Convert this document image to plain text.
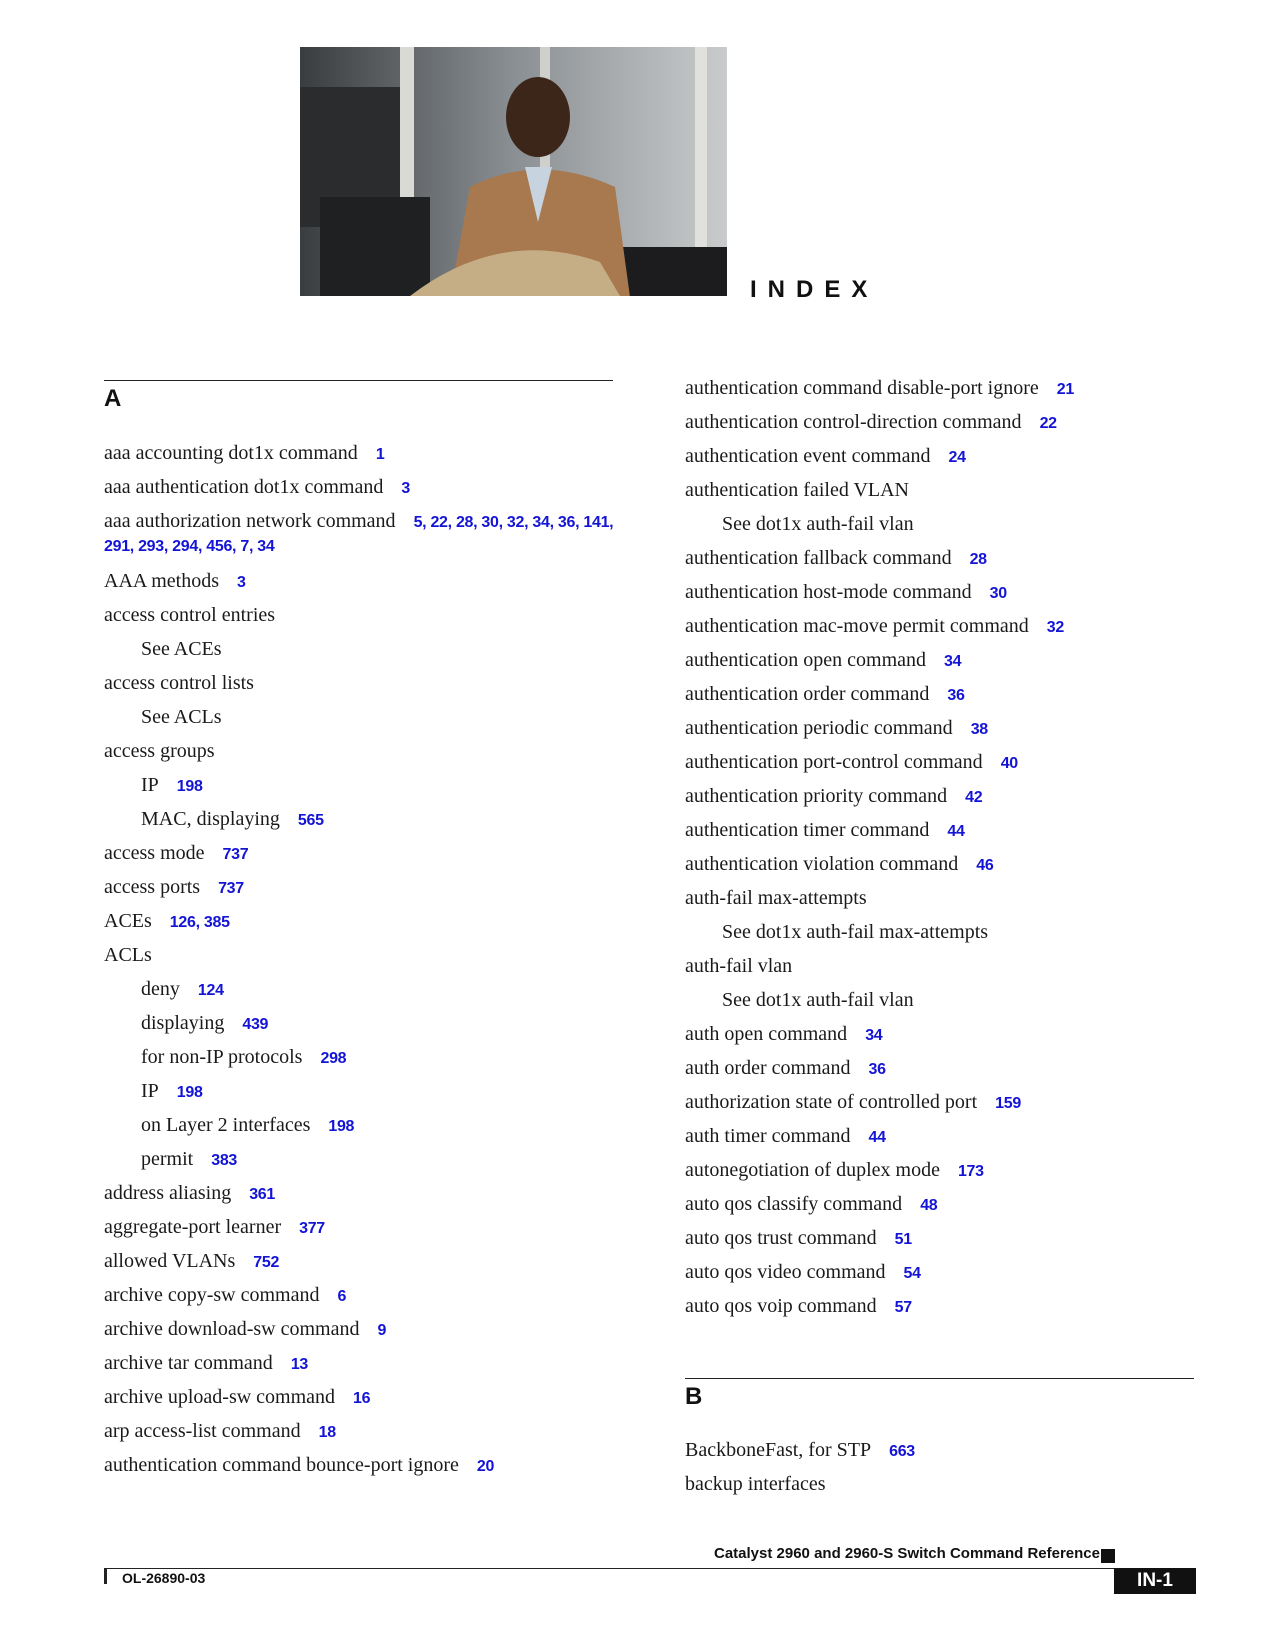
INDEX
A
aaa accounting dot1x command 1
aaa authentication dot1x command 3
aaa authorization network command 5, 22, 28, 30, 32, 34, 36, 141, 291, 293, 294, 456, 7, 34
AAA methods 3
access control entries
See ACEs
access control lists
See ACLs
access groups
IP 198
MAC, displaying 565
access mode 737
access ports 737
ACEs 126, 385
ACLs
deny 124
displaying 439
for non-IP protocols 298
IP 198
on Layer 2 interfaces 198
permit 383
address aliasing 361
aggregate-port learner 377
allowed VLANs 752
archive copy-sw command 6
archive download-sw command 9
archive tar command 13
archive upload-sw command 16
arp access-list command 18
authentication command bounce-port ignore 20
authentication command disable-port ignore 21
authentication control-direction command 22
authentication event command 24
authentication failed VLAN
See dot1x auth-fail vlan
authentication fallback command 28
authentication host-mode command 30
authentication mac-move permit command 32
authentication open command 34
authentication order command 36
authentication periodic command 38
authentication port-control command 40
authentication priority command 42
authentication timer command 44
authentication violation command 46
auth-fail max-attempts
See dot1x auth-fail max-attempts
auth-fail vlan
See dot1x auth-fail vlan
auth open command 34
auth order command 36
authorization state of controlled port 159
auth timer command 44
autonegotiation of duplex mode 173
auto qos classify command 48
auto qos trust command 51
auto qos video command 54
auto qos voip command 57
B
BackboneFast, for STP 663
backup interfaces
Catalyst 2960 and 2960-S Switch Command Reference
OL-26890-03	IN-1
